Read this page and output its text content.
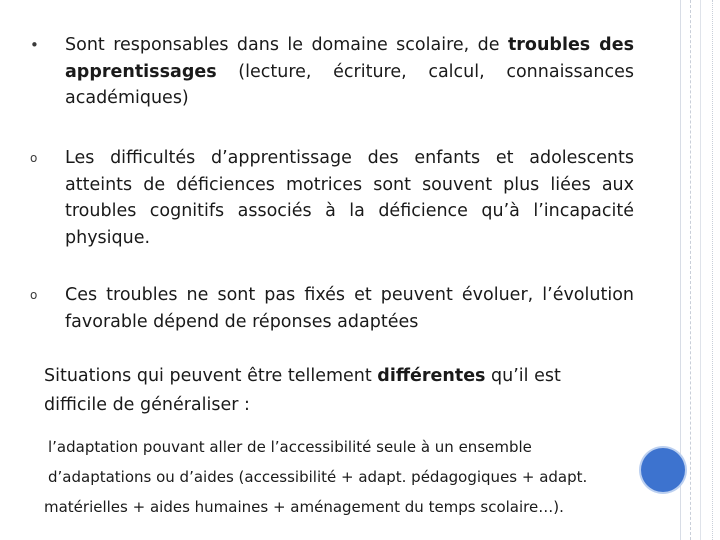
•	Sont responsables dans le domaine scolaire, de troubles des apprentissages (lecture, écriture, calcul, connaissances académiques)
o	Les difficultés d’apprentissage des enfants et adolescents atteints de déficiences motrices sont souvent plus liées aux troubles cognitifs associés à la déficience qu’à l’incapacité physique.
o	Ces troubles ne sont pas fixés et peuvent évoluer, l’évolution favorable dépend de réponses adaptées
Situations qui peuvent être tellement différentes qu’il est difficile de généraliser :
l’adaptation pouvant aller de l’accessibilité seule à un ensemble
d’adaptations ou d’aides (accessibilité + adapt. pédagogiques + adapt.
matérielles + aides humaines + aménagement du temps scolaire…).
